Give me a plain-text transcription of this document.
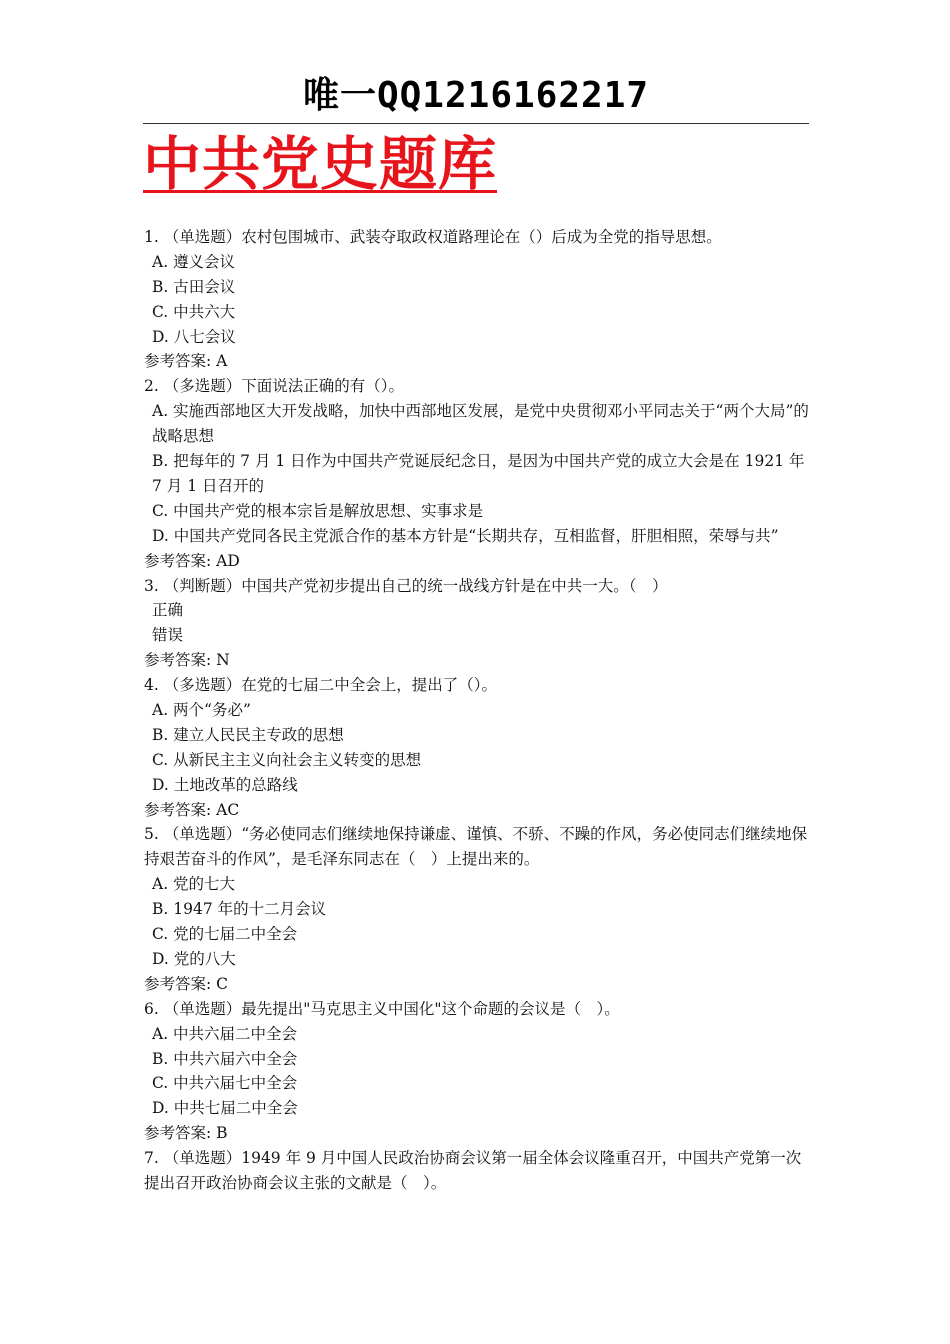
唯一QQ1216162217
中共党史题库
1. （单选题）农村包围城市、武装夺取政权道路理论在（）后成为全党的指导思想。
A. 遵义会议
B. 古田会议
C. 中共六大
D. 八七会议
参考答案: A
2. （多选题）下面说法正确的有（）。
A. 实施西部地区大开发战略，加快中西部地区发展，是党中央贯彻邓小平同志关于“两个大局”的战略思想
B. 把每年的 7 月 1 日作为中国共产党诞辰纪念日，是因为中国共产党的成立大会是在 1921 年 7 月 1 日召开的
C. 中国共产党的根本宗旨是解放思想、实事求是
D. 中国共产党同各民主党派合作的基本方针是“长期共存，互相监督，肝胆相照，荣辱与共”
参考答案: AD
3. （判断题）中国共产党初步提出自己的统一战线方针是在中共一大。（　）
正确
错误
参考答案: N
4. （多选题）在党的七届二中全会上，提出了（）。
A. 两个“务必”
B. 建立人民民主专政的思想
C. 从新民主主义向社会主义转变的思想
D. 土地改革的总路线
参考答案: AC
5. （单选题）“务必使同志们继续地保持谦虚、谨慎、不骄、不躁的作风，务必使同志们继续地保持艰苦奋斗的作风”，是毛泽东同志在（　）上提出来的。
A. 党的七大
B. 1947 年的十二月会议
C. 党的七届二中全会
D. 党的八大
参考答案: C
6. （单选题）最先提出"马克思主义中国化"这个命题的会议是（　）。
A. 中共六届二中全会
B. 中共六届六中全会
C. 中共六届七中全会
D. 中共七届二中全会
参考答案: B
7. （单选题）1949 年 9 月中国人民政治协商会议第一届全体会议隆重召开，中国共产党第一次提出召开政治协商会议主张的文献是（　）。
